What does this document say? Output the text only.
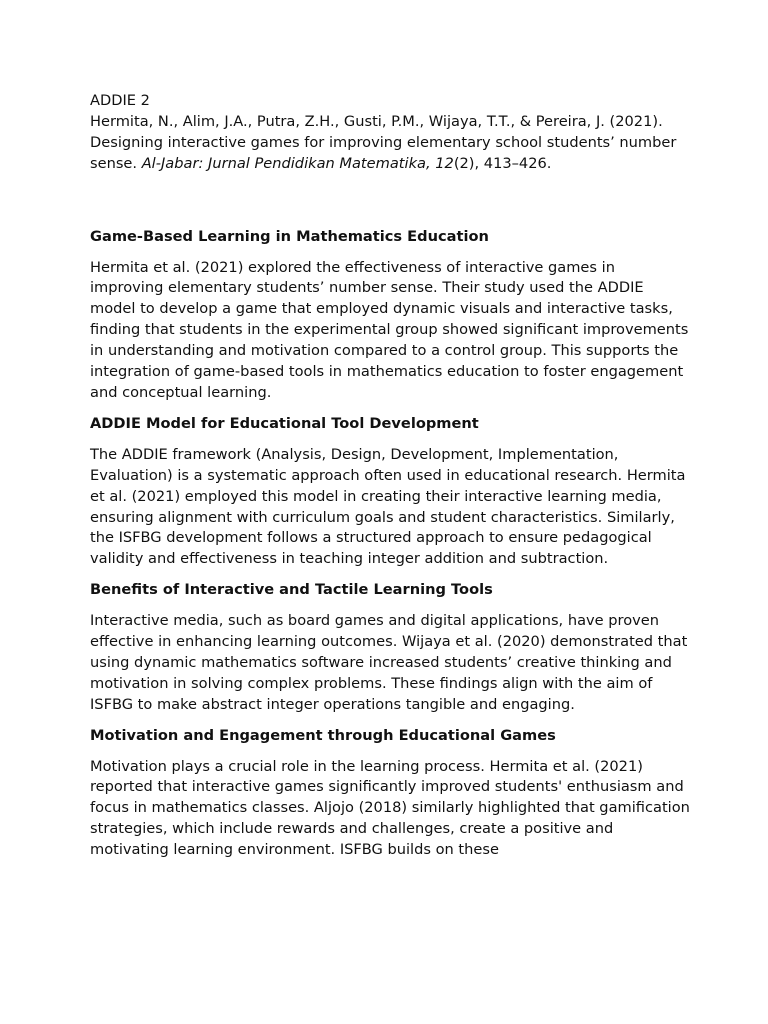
ADDIE 2

Hermita, N., Alim, J.A., Putra, Z.H., Gusti, P.M., Wijaya, T.T., & Pereira, J. (2021). Designing interactive games for improving elementary school students’ number sense. Al-Jabar: Jurnal Pendidikan Matematika, 12(2), 413–426.

Game-Based Learning in Mathematics Education

Hermita et al. (2021) explored the effectiveness of interactive games in improving elementary students’ number sense. Their study used the ADDIE model to develop a game that employed dynamic visuals and interactive tasks, finding that students in the experimental group showed significant improvements in understanding and motivation compared to a control group. This supports the integration of game-based tools in mathematics education to foster engagement and conceptual learning.

ADDIE Model for Educational Tool Development

The ADDIE framework (Analysis, Design, Development, Implementation, Evaluation) is a systematic approach often used in educational research. Hermita et al. (2021) employed this model in creating their interactive learning media, ensuring alignment with curriculum goals and student characteristics. Similarly, the ISFBG development follows a structured approach to ensure pedagogical validity and effectiveness in teaching integer addition and subtraction.

Benefits of Interactive and Tactile Learning Tools

Interactive media, such as board games and digital applications, have proven effective in enhancing learning outcomes. Wijaya et al. (2020) demonstrated that using dynamic mathematics software increased students’ creative thinking and motivation in solving complex problems. These findings align with the aim of ISFBG to make abstract integer operations tangible and engaging.

Motivation and Engagement through Educational Games

Motivation plays a crucial role in the learning process. Hermita et al. (2021) reported that interactive games significantly improved students' enthusiasm and focus in mathematics classes. Aljojo (2018) similarly highlighted that gamification strategies, which include rewards and challenges, create a positive and motivating learning environment. ISFBG builds on these
